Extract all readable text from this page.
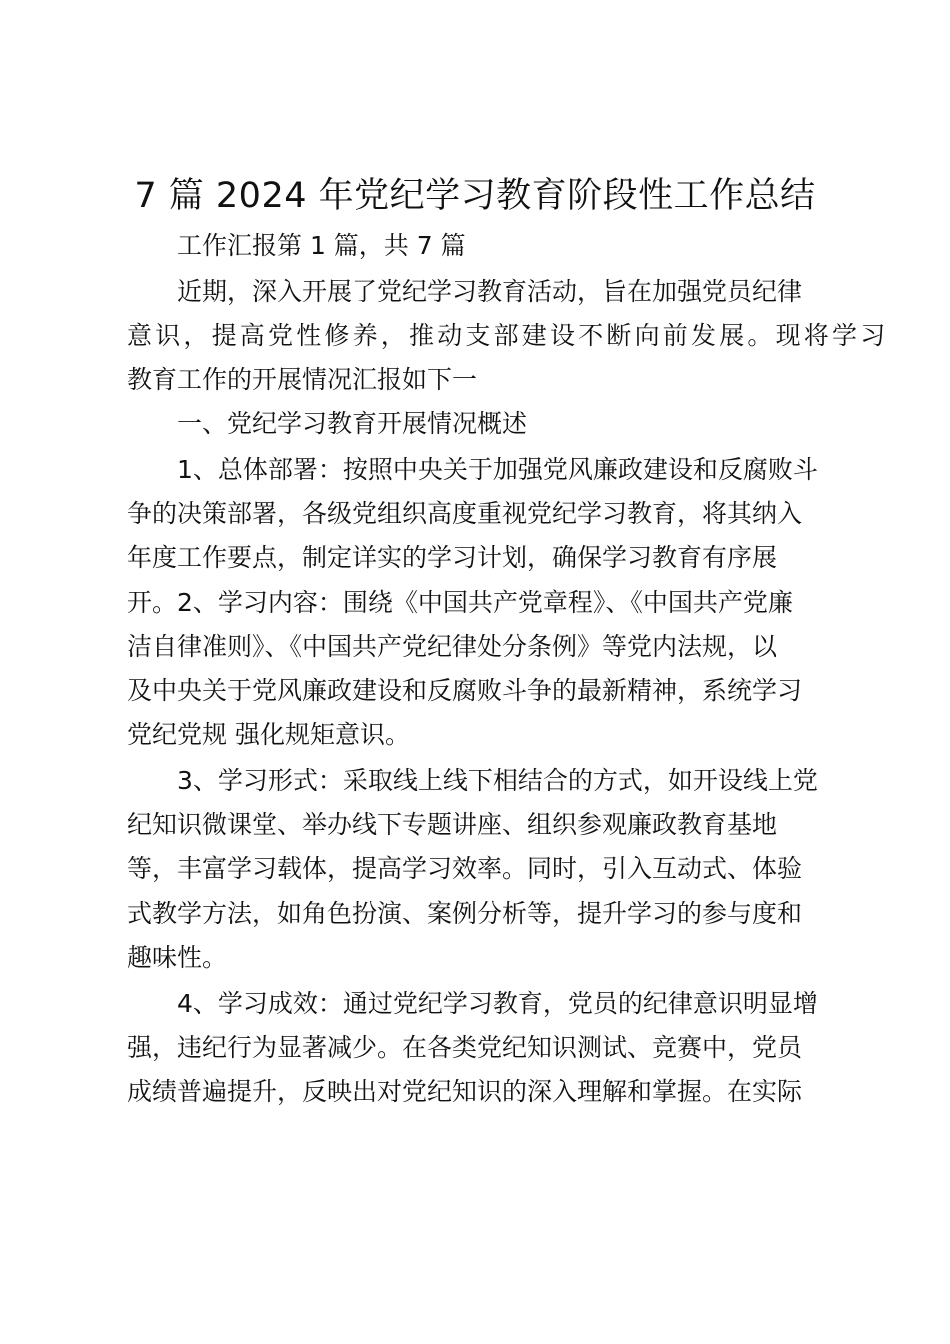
7 篇 2024 年党纪学习教育阶段性工作总结

工作汇报第 1 篇，共 7 篇

近期，深入开展了党纪学习教育活动，旨在加强党员纪律

意识，提高党性修养，推动支部建设不断向前发展。现将学习

教育工作的开展情况汇报如下一

一、党纪学习教育开展情况概述

1、总体部署：按照中央关于加强党风廉政建设和反腐败斗

争的决策部署，各级党组织高度重视党纪学习教育，将其纳入

年度工作要点，制定详实的学习计划，确保学习教育有序展

开。2、学习内容：围绕《中国共产党章程》、《中国共产党廉

洁自律准则》、《中国共产党纪律处分条例》等党内法规，以

及中央关于党风廉政建设和反腐败斗争的最新精神，系统学习

党纪党规 强化规矩意识。

3、学习形式：采取线上线下相结合的方式，如开设线上党

纪知识微课堂、举办线下专题讲座、组织参观廉政教育基地

等，丰富学习载体，提高学习效率。同时，引入互动式、体验

式教学方法，如角色扮演、案例分析等，提升学习的参与度和

趣味性。

4、学习成效：通过党纪学习教育，党员的纪律意识明显增

强，违纪行为显著减少。在各类党纪知识测试、竞赛中，党员

成绩普遍提升，反映出对党纪知识的深入理解和掌握。在实际
